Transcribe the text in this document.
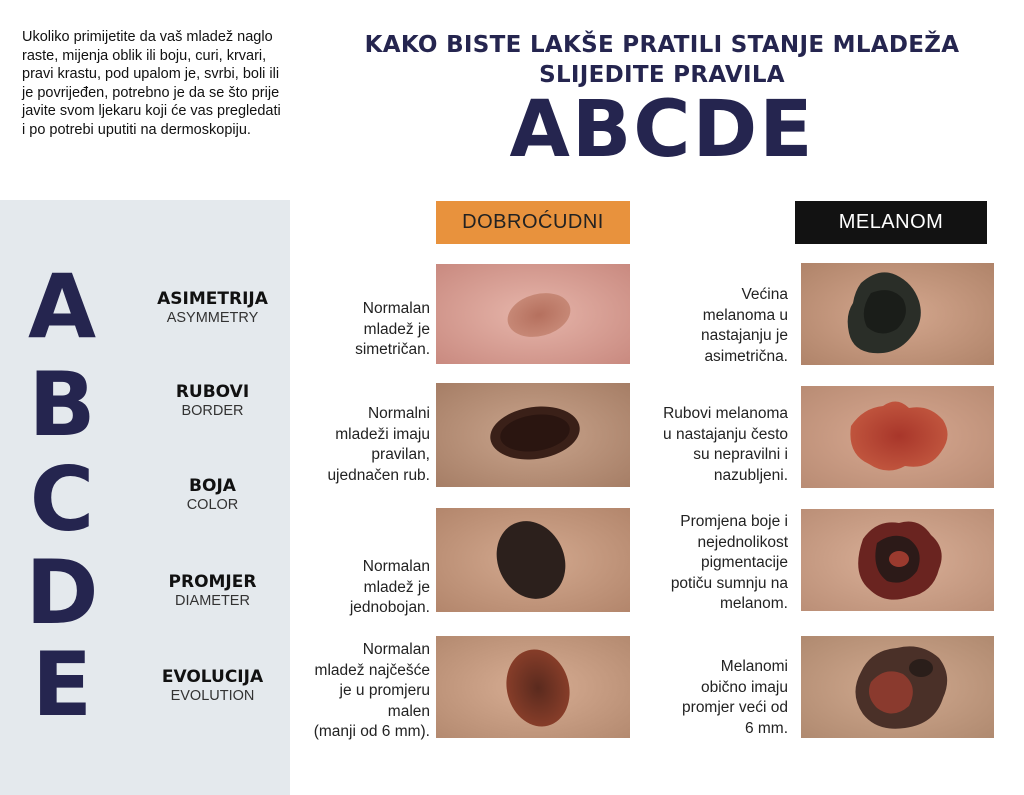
Ukoliko primijetite da vaš mladež naglo raste, mijenja oblik ili boju, curi, krvari, pravi krastu, pod upalom je, svrbi, boli ili je povrijeđen, potrebno je da se što prije javite svom ljekaru koji će vas pregledati i po potrebi uputiti na dermoskopiju.
KAKO BISTE LAKŠE PRATILI STANJE MLADEŽA
SLIJEDITE PRAVILA
ABCDE
A
B
C
D
E
ASIMETRIJA
ASYMMETRY
RUBOVI
BORDER
BOJA
COLOR
PROMJER
DIAMETER
EVOLUCIJA
EVOLUTION
DOBROĆUDNI	MELANOM
Normalan
mladež je
simetričan.
Normalni
mladeži imaju
pravilan,
ujednačen rub.
Normalan
mladež je
jednobojan.
Normalan
mladež najčešće
je u promjeru
malen
(manji od 6 mm).
Većina
melanoma u
nastajanju je
asimetrična.
Rubovi melanoma
u nastajanju često
su nepravilni i
nazubljeni.
Promjena boje i
nejednolikost
pigmentacije
potiču sumnju na
melanom.
Melanomi
obično imaju
promjer veći od
6 mm.
